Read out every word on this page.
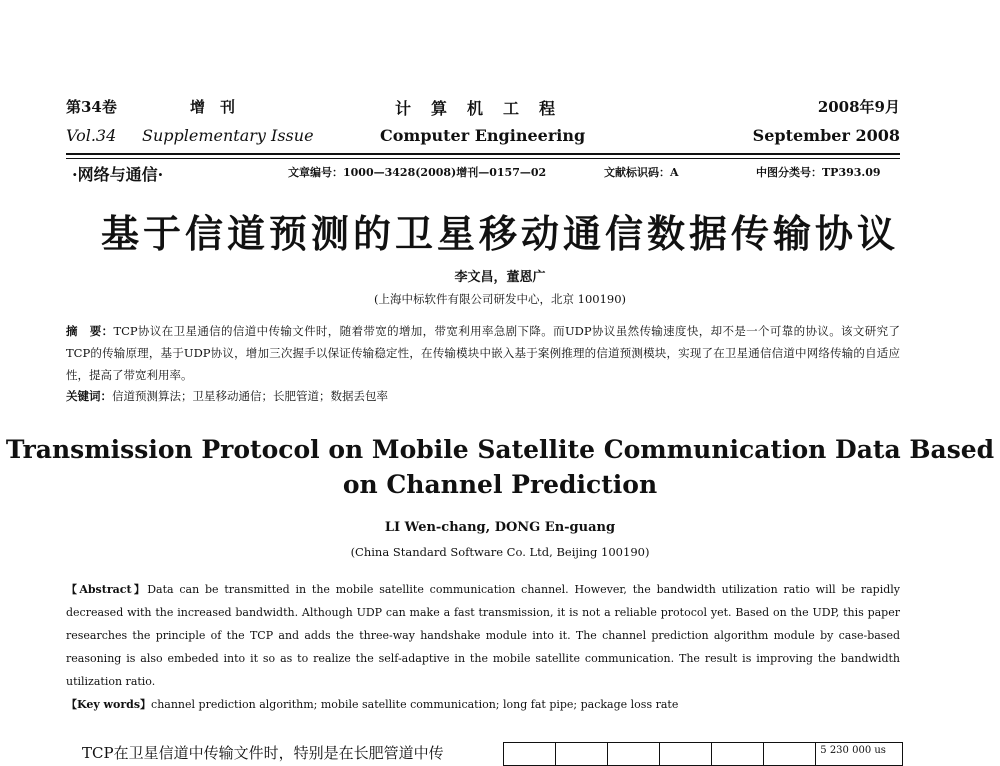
第34卷	增　刊	计　算　机　工　程	2008年9月
Vol.34 Supplementary Issue	Computer Engineering	September 2008
·网络与通信·	文章编号：1000—3428(2008)增刊—0157—02	文献标识码：A	中图分类号：TP393.09
基于信道预测的卫星移动通信数据传输协议
李文昌，董恩广
(上海中标软件有限公司研发中心，北京 100190)
摘　要：TCP协议在卫星通信的信道中传输文件时，随着带宽的增加，带宽利用率急剧下降。而UDP协议虽然传输速度快，却不是一个可靠的协议。该文研究了TCP的传输原理，基于UDP协议，增加三次握手以保证传输稳定性，在传输模块中嵌入基于案例推理的信道预测模块，实现了在卫星通信信道中网络传输的自适应性，提高了带宽利用率。
关键词：信道预测算法；卫星移动通信；长肥管道；数据丢包率
Transmission Protocol on Mobile Satellite Communication Data Based on Channel Prediction
LI Wen-chang, DONG En-guang
(China Standard Software Co. Ltd, Beijing 100190)
【Abstract】Data can be transmitted in the mobile satellite communication channel. However, the bandwidth utilization ratio will be rapidly decreased with the increased bandwidth. Although UDP can make a fast transmission, it is not a reliable protocol yet. Based on the UDP, this paper researches the principle of the TCP and adds the three-way handshake module into it. The channel prediction algorithm module by case-based reasoning is also embeded into it so as to realize the self-adaptive in the mobile satellite communication. The result is improving the bandwidth utilization ratio.
【Key words】channel prediction algorithm; mobile satellite communication; long fat pipe; package loss rate
TCP在卫星信道中传输文件时，特别是在长肥管道中传	5 230 000 us
